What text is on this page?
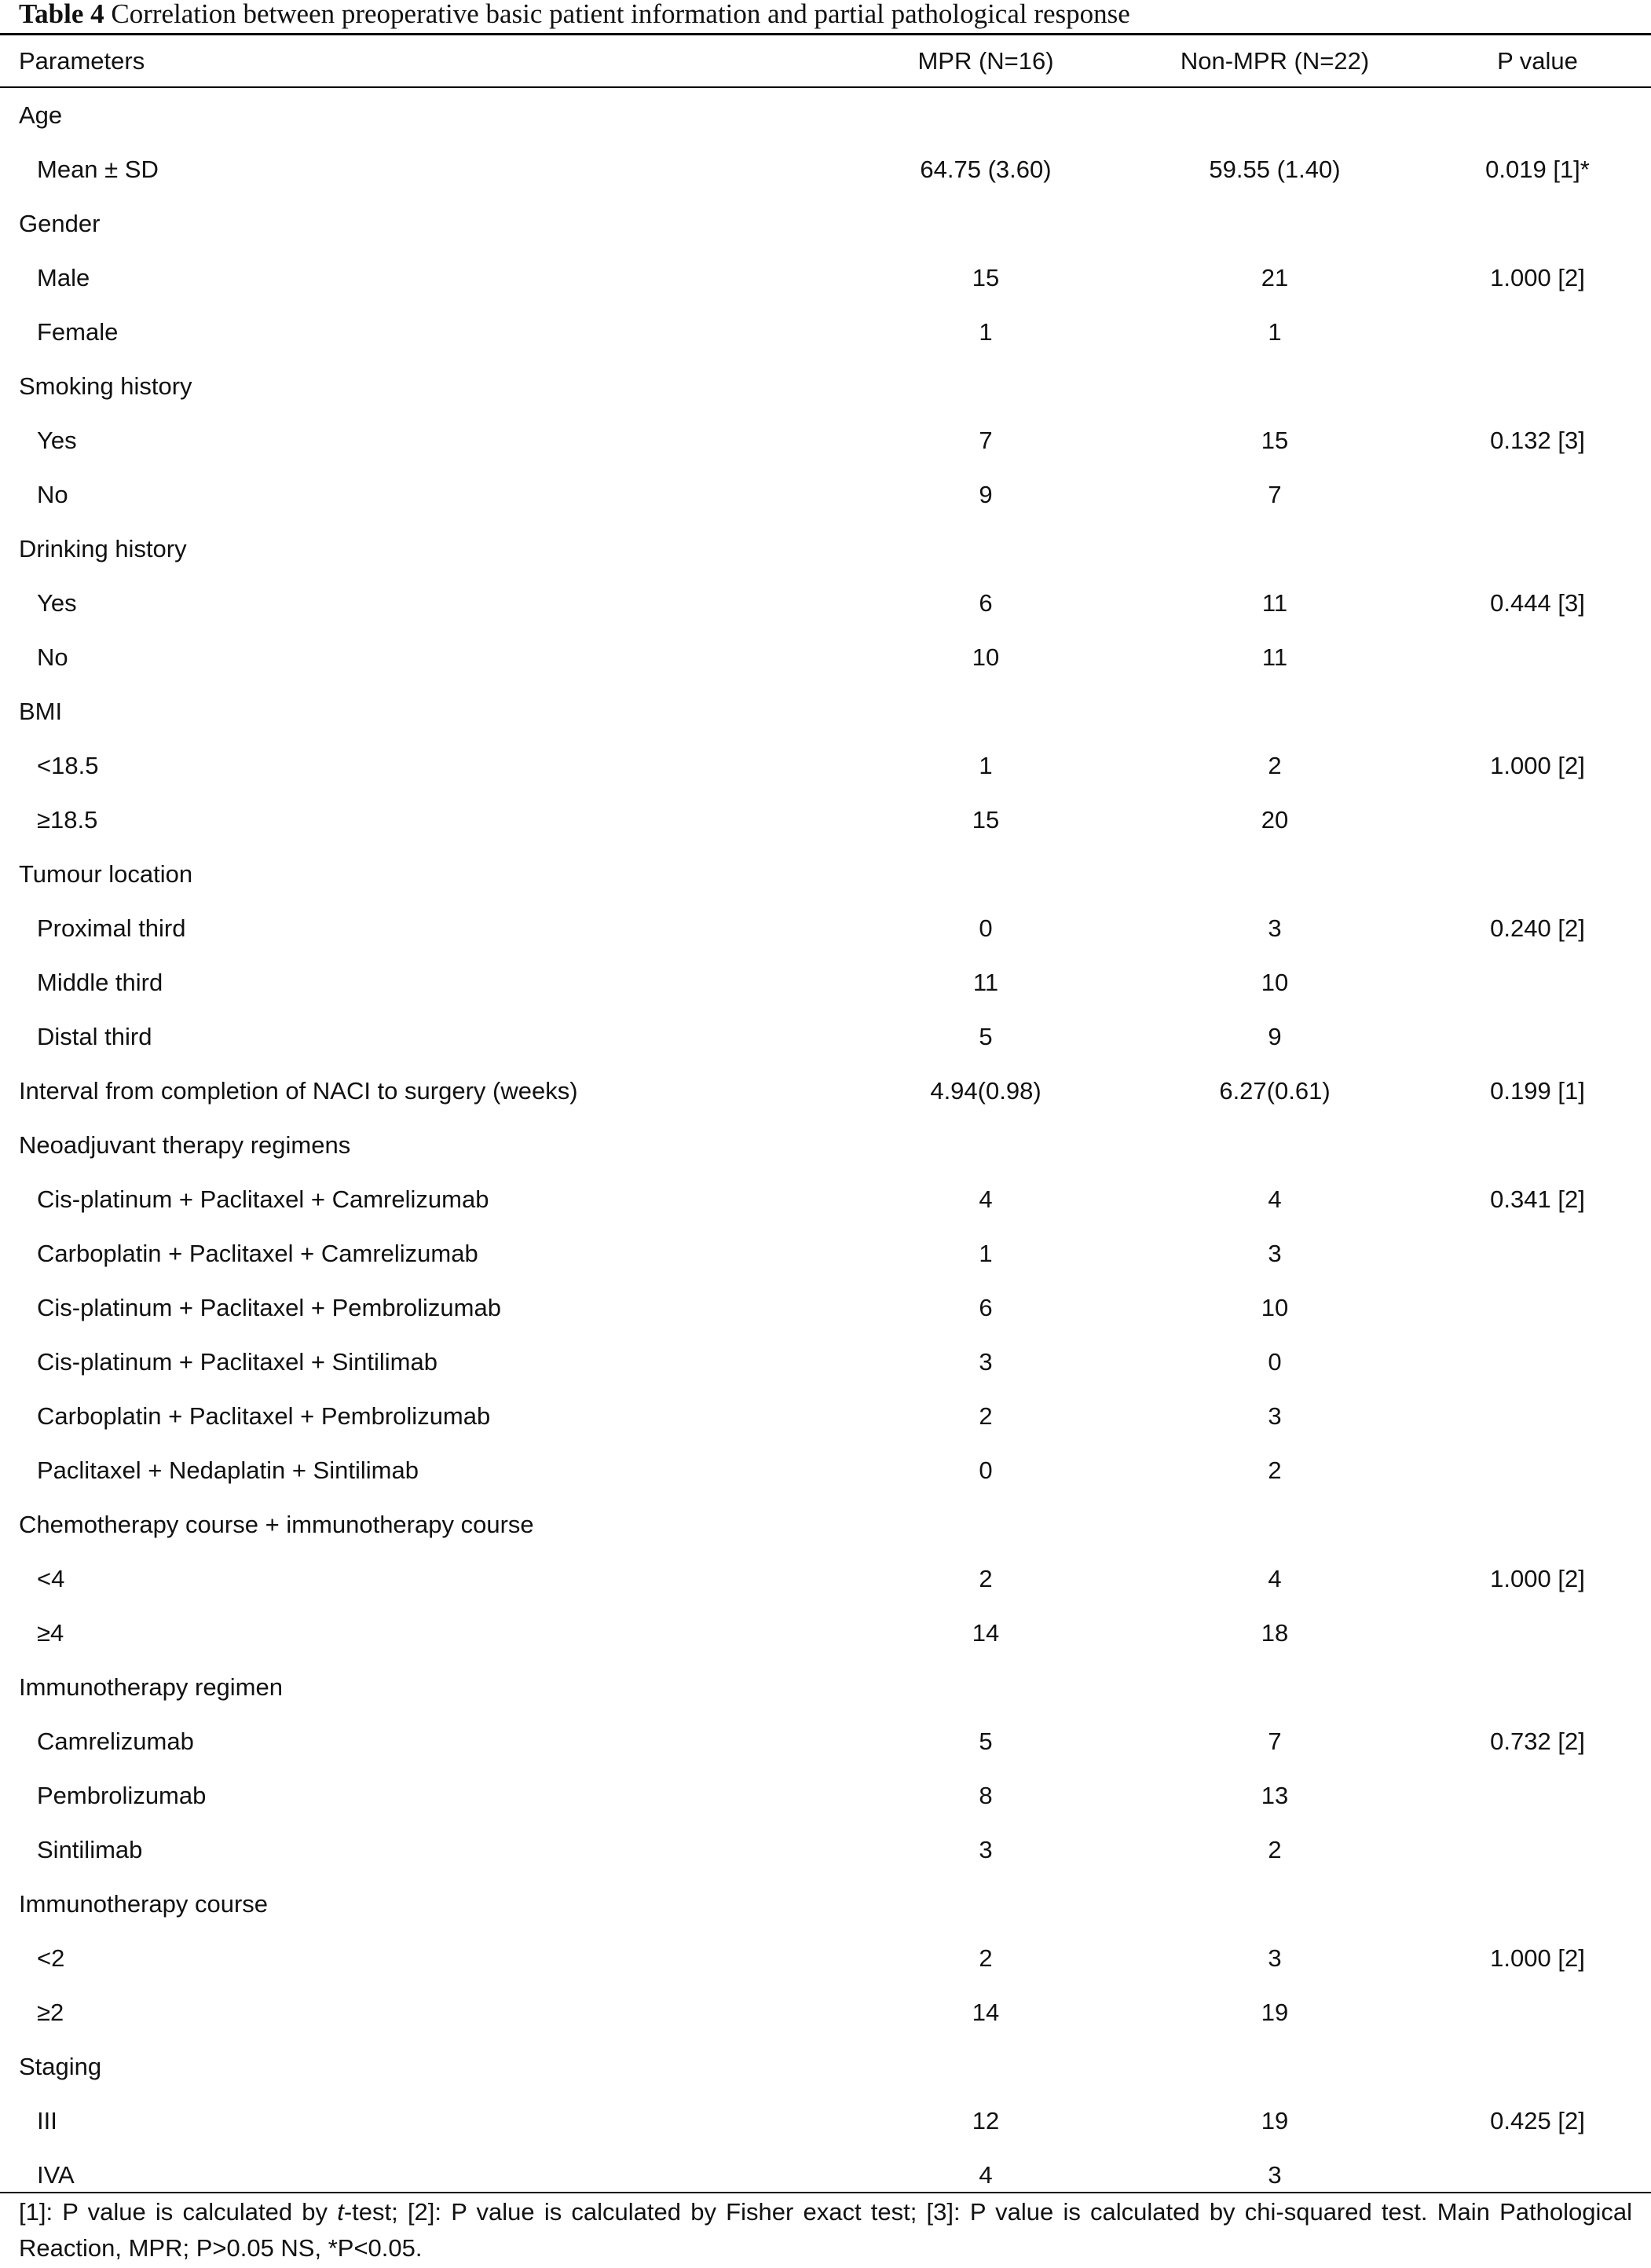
Table 4 Correlation between preoperative basic patient information and partial pathological response
Parameters	MPR (N=16)	Non-MPR (N=22)	P value
Age
Mean ± SD	64.75 (3.60)	59.55 (1.40)	0.019 [1]*
Gender
Male	15	21	1.000 [2]
Female	1	1
Smoking history
Yes	7	15	0.132 [3]
No	9	7
Drinking history
Yes	6	11	0.444 [3]
No	10	11
BMI
<18.5	1	2	1.000 [2]
≥18.5	15	20
Tumour location
Proximal third	0	3	0.240 [2]
Middle third	11	10
Distal third	5	9
Interval from completion of NACI to surgery (weeks)	4.94(0.98)	6.27(0.61)	0.199 [1]
Neoadjuvant therapy regimens
Cis-platinum + Paclitaxel + Camrelizumab	4	4	0.341 [2]
Carboplatin + Paclitaxel + Camrelizumab	1	3
Cis-platinum + Paclitaxel + Pembrolizumab	6	10
Cis-platinum + Paclitaxel + Sintilimab	3	0
Carboplatin + Paclitaxel + Pembrolizumab	2	3
Paclitaxel + Nedaplatin + Sintilimab	0	2
Chemotherapy course + immunotherapy course
<4	2	4	1.000 [2]
≥4	14	18
Immunotherapy regimen
Camrelizumab	5	7	0.732 [2]
Pembrolizumab	8	13
Sintilimab	3	2
Immunotherapy course
<2	2	3	1.000 [2]
≥2	14	19
Staging
III	12	19	0.425 [2]
IVA	4	3
[1]: P value is calculated by t-test; [2]: P value is calculated by Fisher exact test; [3]: P value is calculated by chi-squared test. Main Pathological Reaction, MPR; P>0.05 NS, *P<0.05.
